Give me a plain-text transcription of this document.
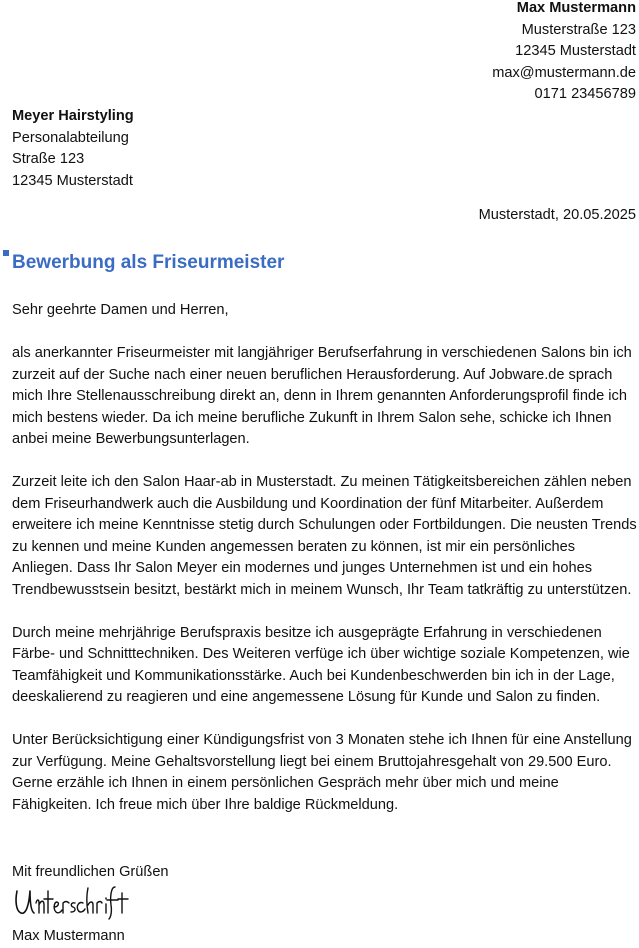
Max Mustermann
Musterstraße 123
12345 Musterstadt
max@mustermann.de
0171 23456789
Meyer Hairstyling
Personalabteilung
Straße 123
12345 Musterstadt
Musterstadt, 20.05.2025
Bewerbung als Friseurmeister
Sehr geehrte Damen und Herren,

als anerkannter Friseurmeister mit langjähriger Berufserfahrung in verschiedenen Salons bin ich zurzeit auf der Suche nach einer neuen beruflichen Herausforderung. Auf Jobware.de sprach mich Ihre Stellenausschreibung direkt an, denn in Ihrem genannten Anforderungsprofil finde ich mich bestens wieder. Da ich meine berufliche Zukunft in Ihrem Salon sehe, schicke ich Ihnen anbei meine Bewerbungsunterlagen.

Zurzeit leite ich den Salon Haar-ab in Musterstadt. Zu meinen Tätigkeitsbereichen zählen neben dem Friseurhandwerk auch die Ausbildung und Koordination der fünf Mitarbeiter. Außerdem erweitere ich meine Kenntnisse stetig durch Schulungen oder Fortbildungen. Die neusten Trends zu kennen und meine Kunden angemessen beraten zu können, ist mir ein persönliches Anliegen. Dass Ihr Salon Meyer ein modernes und junges Unternehmen ist und ein hohes Trendbewusstsein besitzt, bestärkt mich in meinem Wunsch, Ihr Team tatkräftig zu unterstützen.

Durch meine mehrjährige Berufspraxis besitze ich ausgeprägte Erfahrung in verschiedenen Färbe- und Schnitttechniken. Des Weiteren verfüge ich über wichtige soziale Kompetenzen, wie Teamfähigkeit und Kommunikationsstärke. Auch bei Kundenbeschwerden bin ich in der Lage, deeskalierend zu reagieren und eine angemessene Lösung für Kunde und Salon zu finden.

Unter Berücksichtigung einer Kündigungsfrist von 3 Monaten stehe ich Ihnen für eine Anstellung zur Verfügung. Meine Gehaltsvorstellung liegt bei einem Bruttojahresgehalt von 29.500 Euro. Gerne erzähle ich Ihnen in einem persönlichen Gespräch mehr über mich und meine Fähigkeiten. Ich freue mich über Ihre baldige Rückmeldung.

Mit freundlichen Grüßen
Max Mustermann
